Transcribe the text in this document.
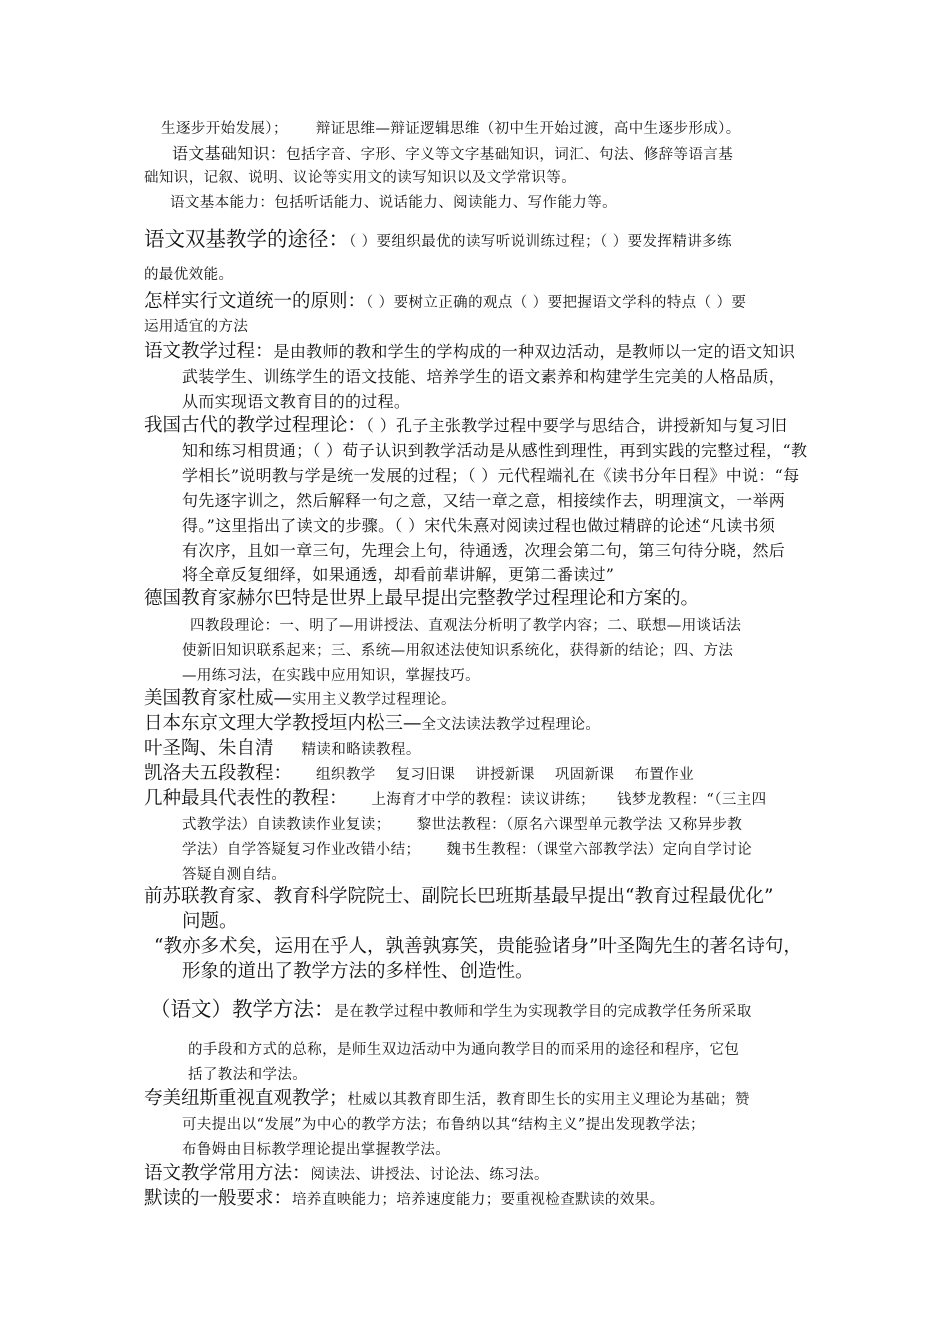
生逐步开始发展）； 辩证思维—辩证逻辑思维（初中生开始过渡，高中生逐步形成）。
语文基础知识：包括字音、字形、字义等文字基础知识，词汇、句法、修辞等语言基
础知识，记叙、说明、议论等实用文的读写知识以及文学常识等。
语文基本能力：包括听话能力、说话能力、阅读能力、写作能力等。
语文双基教学的途径：（ ）要组织最优的读写听说训练过程；（ ）要发挥精讲多练
的最优效能。
怎样实行文道统一的原则：（ ）要树立正确的观点（ ）要把握语文学科的特点（ ）要
运用适宜的方法
语文教学过程：是由教师的教和学生的学构成的一种双边活动，是教师以一定的语文知识
武装学生、训练学生的语文技能、培养学生的语文素养和构建学生完美的人格品质，
从而实现语文教育目的的过程。
我国古代的教学过程理论：（ ）孔子主张教学过程中要学与思结合，讲授新知与复习旧
知和练习相贯通；（ ）荀子认识到教学活动是从感性到理性，再到实践的完整过程，“教
学相长”说明教与学是统一发展的过程；（ ）元代程端礼在《读书分年日程》中说：“每
句先逐字训之，然后解释一句之意，又结一章之意，相接续作去，明理演文，一举两
得。”这里指出了读文的步骤。（ ）宋代朱熹对阅读过程也做过精辟的论述“凡读书须
有次序，且如一章三句，先理会上句，待通透，次理会第二句，第三句待分晓，然后
将全章反复细绎，如果通透，却看前辈讲解，更第二番读过”
德国教育家赫尔巴特是世界上最早提出完整教学过程理论和方案的。
四教段理论：一、明了—用讲授法、直观法分析明了教学内容；二、联想—用谈话法
使新旧知识联系起来；三、系统—用叙述法使知识系统化，获得新的结论；四、方法
—用练习法，在实践中应用知识，掌握技巧。
美国教育家杜威—实用主义教学过程理论。
日本东京文理大学教授垣内松三—全文法读法教学过程理论。
叶圣陶、朱自清 精读和略读教程。
凯洛夫五段教程： 组织教学 复习旧课 讲授新课 巩固新课 布置作业
几种最具代表性的教程： 上海育才中学的教程：读议讲练； 钱梦龙教程：“（三主四
式教学法）自读教读作业复读； 黎世法教程：（原名六课型单元教学法 又称异步教
学法）自学答疑复习作业改错小结； 魏书生教程：（课堂六部教学法）定向自学讨论
答疑自测自结。
前苏联教育家、教育科学院院士、副院长巴班斯基最早提出“教育过程最优化”
问题。
“教亦多术矣，运用在乎人，孰善孰寡笑，贵能验诸身”叶圣陶先生的著名诗句，
形象的道出了教学方法的多样性、创造性。
（语文）教学方法：是在教学过程中教师和学生为实现教学目的完成教学任务所采取
的手段和方式的总称，是师生双边活动中为通向教学目的而采用的途径和程序，它包
括了教法和学法。
夸美纽斯重视直观教学；杜威以其教育即生活，教育即生长的实用主义理论为基础；赞
可夫提出以“发展”为中心的教学方法；布鲁纳以其“结构主义”提出发现教学法；
布鲁姆由目标教学理论提出掌握教学法。
语文教学常用方法：阅读法、讲授法、讨论法、练习法。
默读的一般要求：培养直映能力；培养速度能力；要重视检查默读的效果。
